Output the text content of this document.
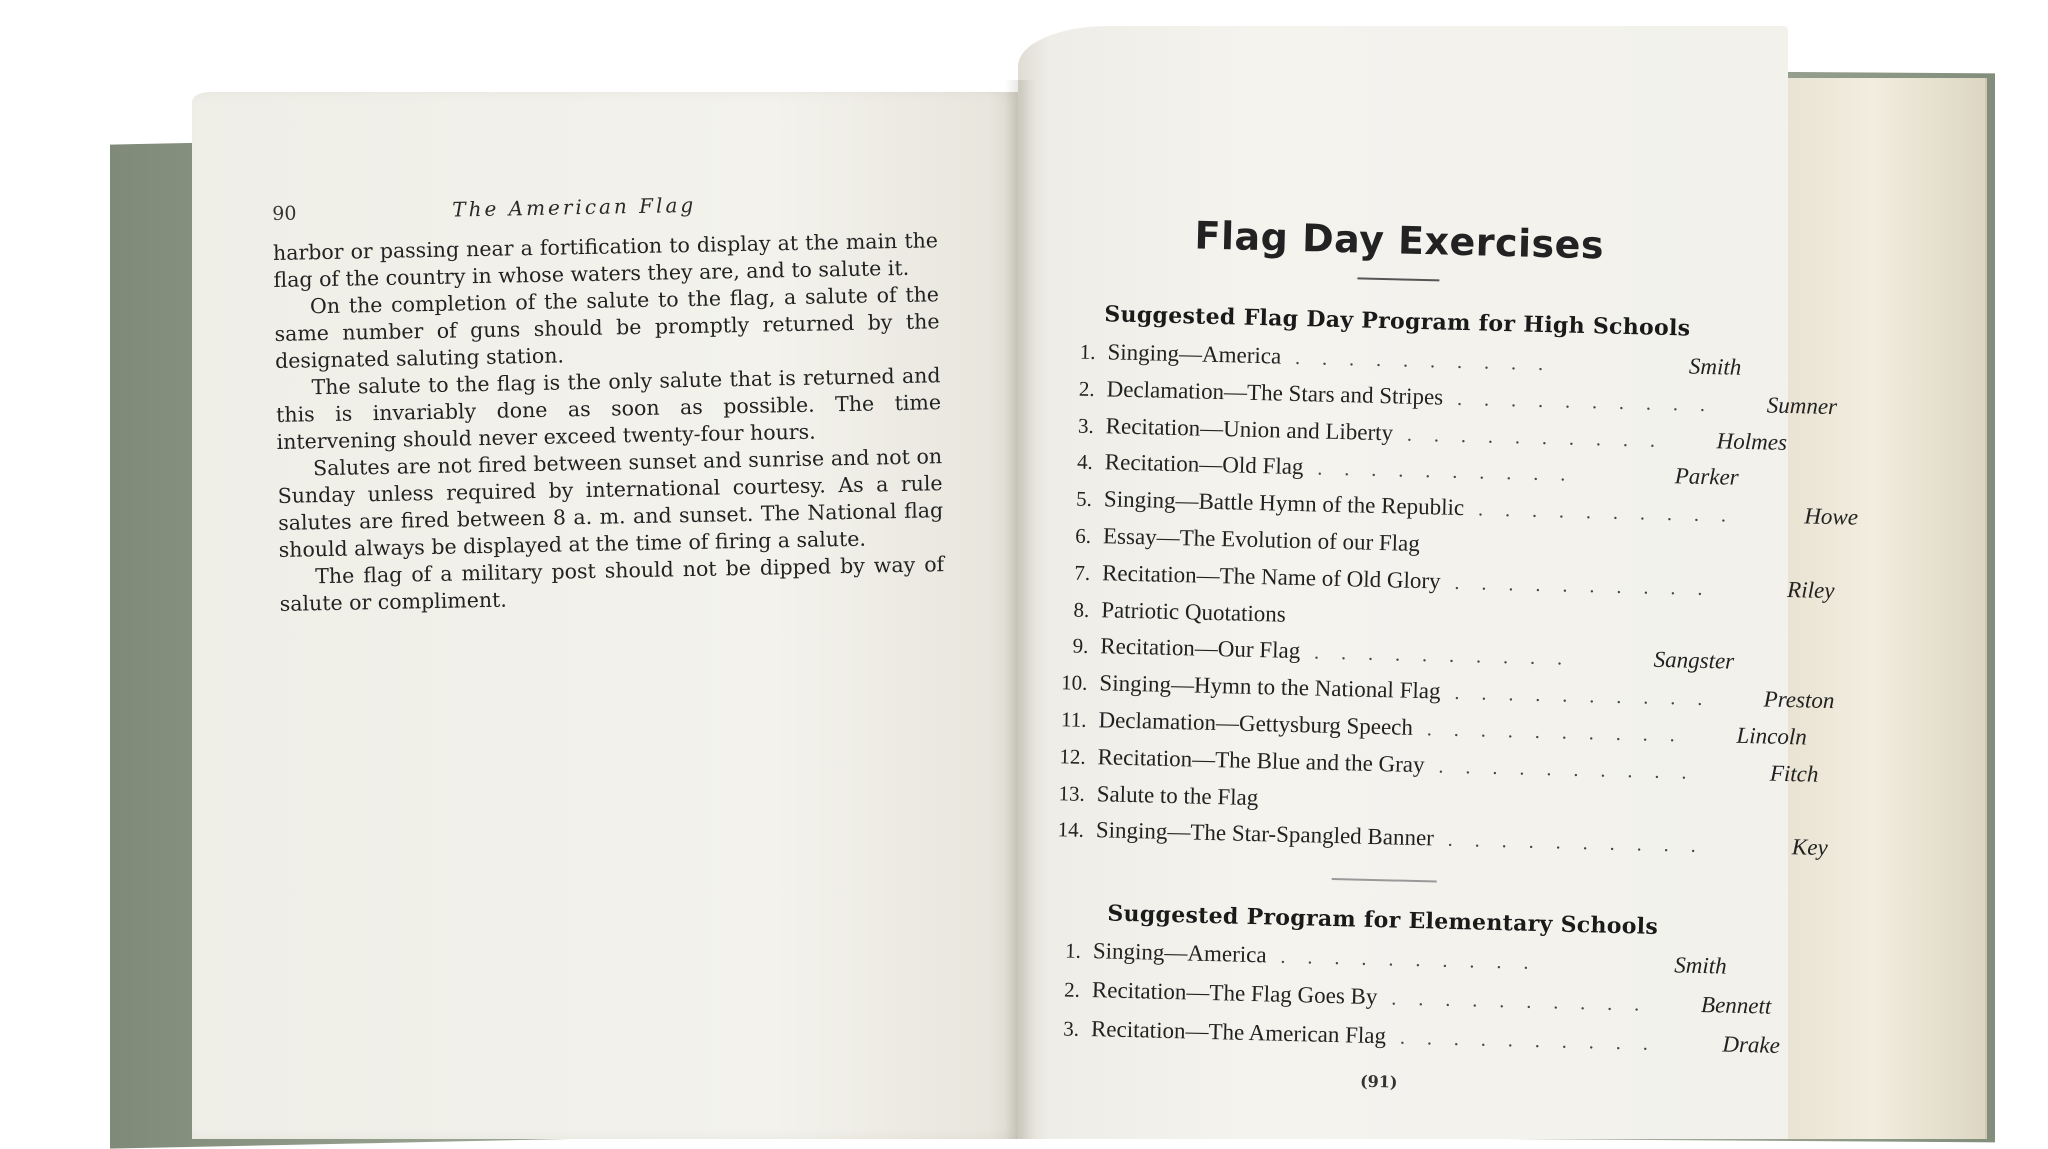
90	The American Flag

harbor or passing near a fortification to display at the main the flag of the country in whose waters they are, and to salute it.

On the completion of the salute to the flag, a salute of the same number of guns should be promptly returned by the designated saluting station.

The salute to the flag is the only salute that is returned and this is invariably done as soon as possible. The time intervening should never exceed twenty-four hours.

Salutes are not fired between sunset and sunrise and not on Sunday unless required by international courtesy. As a rule salutes are fired between 8 a. m. and sunset. The National flag should always be displayed at the time of firing a salute.

The flag of a military post should not be dipped by way of salute or compliment.

Flag Day Exercises
Suggested Flag Day Program for High Schools
1. Singing—America ..........	Smith
2. Declamation—The Stars and Stripes ..........	Sumner
3. Recitation—Union and Liberty ..........	Holmes
4. Recitation—Old Flag ..........	Parker
5. Singing—Battle Hymn of the Republic ..........	Howe
6. Essay—The Evolution of our Flag
7. Recitation—The Name of Old Glory ..........	Riley
8. Patriotic Quotations
9. Recitation—Our Flag ..........	Sangster
10. Singing—Hymn to the National Flag ..........	Preston
11. Declamation—Gettysburg Speech ..........	Lincoln
12. Recitation—The Blue and the Gray ..........	Fitch
13. Salute to the Flag
14. Singing—The Star-Spangled Banner ..........	Key
Suggested Program for Elementary Schools
1. Singing—America ..........	Smith
2. Recitation—The Flag Goes By ..........	Bennett
3. Recitation—The American Flag ..........	Drake
(91)
